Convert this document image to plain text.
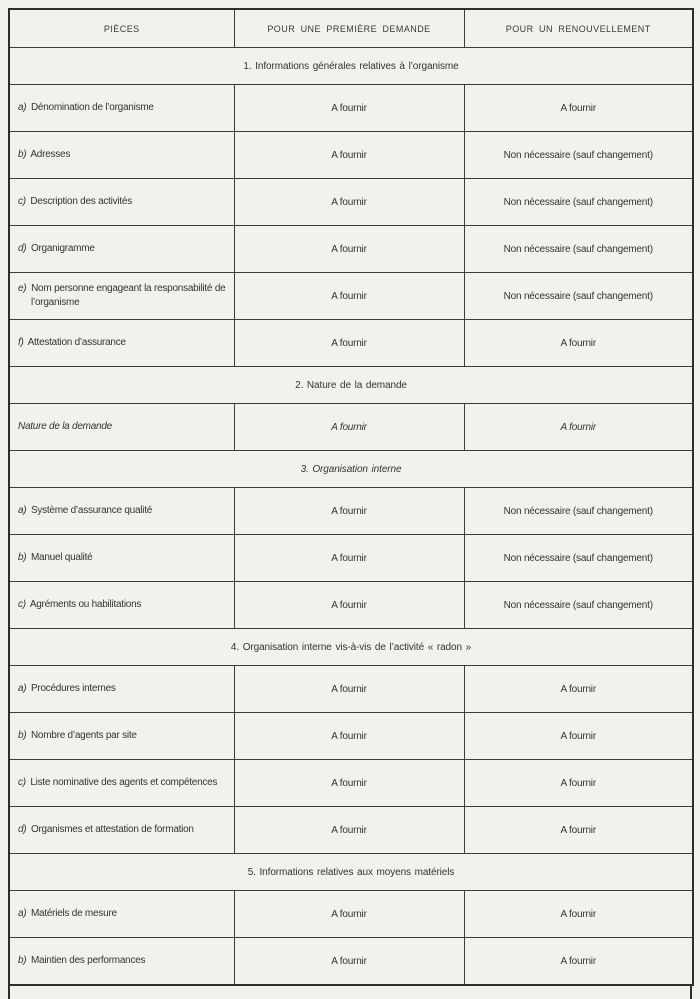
PIÈCES	POUR UNE PREMIÈRE DEMANDE	POUR UN RENOUVELLEMENT
1. Informations générales relatives à l’organisme		

a) Dénomination de l’organisme	A fournir	A fournir

b) Adresses	A fournir	Non nécessaire (sauf changement)

c) Description des activités	A fournir	Non nécessaire (sauf changement)

d) Organigramme	A fournir	Non nécessaire (sauf changement)

e) Nom personne engageant la responsabilité de l’organisme	A fournir	Non nécessaire (sauf changement)

f) Attestation d’assurance	A fournir	A fournir
2. Nature de la demande		

Nature de la demande	A fournir	A fournir
3. Organisation interne		

a) Système d’assurance qualité	A fournir	Non nécessaire (sauf changement)

b) Manuel qualité	A fournir	Non nécessaire (sauf changement)

c) Agréments ou habilitations	A fournir	Non nécessaire (sauf changement)
4. Organisation interne vis-à-vis de l’activité « radon »		

a) Procédures internes	A fournir	A fournir

b) Nombre d’agents par site	A fournir	A fournir

c) Liste nominative des agents et compétences	A fournir	A fournir

d) Organismes et attestation de formation	A fournir	A fournir
5. Informations relatives aux moyens matériels		

a) Matériels de mesure	A fournir	A fournir

b) Maintien des performances	A fournir	A fournir
